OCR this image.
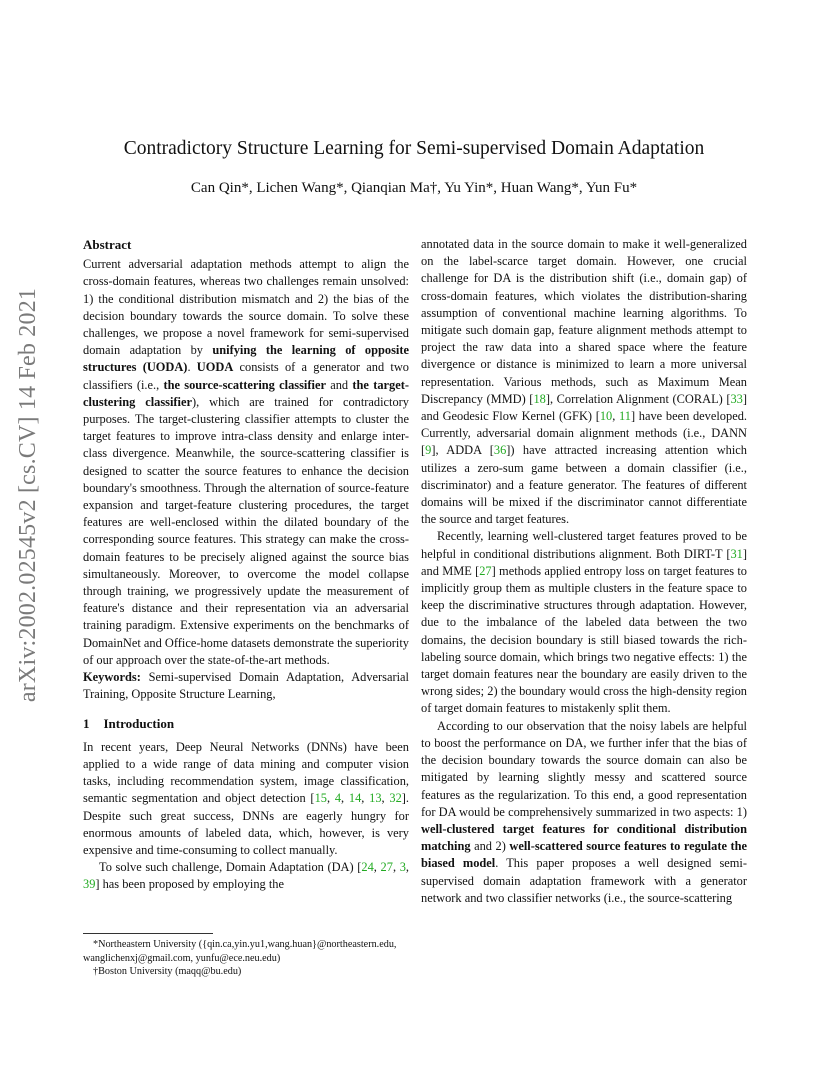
arXiv:2002.02545v2 [cs.CV] 14 Feb 2021
Contradictory Structure Learning for Semi-supervised Domain Adaptation
Can Qin*, Lichen Wang*, Qianqian Ma†, Yu Yin*, Huan Wang*, Yun Fu*
Abstract

Current adversarial adaptation methods attempt to align the cross-domain features, whereas two challenges remain unsolved: 1) the conditional distribution mismatch and 2) the bias of the decision boundary towards the source domain. To solve these challenges, we propose a novel framework for semi-supervised domain adaptation by unifying the learning of opposite structures (UODA). UODA consists of a generator and two classifiers (i.e., the source-scattering classifier and the target-clustering classifier), which are trained for contradictory purposes. The target-clustering classifier attempts to cluster the target features to improve intra-class density and enlarge inter-class divergence. Meanwhile, the source-scattering classifier is designed to scatter the source features to enhance the decision boundary's smoothness. Through the alternation of source-feature expansion and target-feature clustering procedures, the target features are well-enclosed within the dilated boundary of the corresponding source features. This strategy can make the cross-domain features to be precisely aligned against the source bias simultaneously. Moreover, to overcome the model collapse through training, we progressively update the measurement of feature's distance and their representation via an adversarial training paradigm. Extensive experiments on the benchmarks of DomainNet and Office-home datasets demonstrate the superiority of our approach over the state-of-the-art methods.

Keywords: Semi-supervised Domain Adaptation, Adversarial Training, Opposite Structure Learning,

1 Introduction

In recent years, Deep Neural Networks (DNNs) have been applied to a wide range of data mining and computer vision tasks, including recommendation system, image classification, semantic segmentation and object detection [15, 4, 14, 13, 32]. Despite such great success, DNNs are eagerly hungry for enormous amounts of labeled data, which, however, is very expensive and time-consuming to collect manually.

To solve such challenge, Domain Adaptation (DA) [24, 27, 3, 39] has been proposed by employing the

annotated data in the source domain to make it well-generalized on the label-scarce target domain. However, one crucial challenge for DA is the distribution shift (i.e., domain gap) of cross-domain features, which violates the distribution-sharing assumption of conventional machine learning algorithms. To mitigate such domain gap, feature alignment methods attempt to project the raw data into a shared space where the feature divergence or distance is minimized to learn a more universal representation. Various methods, such as Maximum Mean Discrepancy (MMD) [18], Correlation Alignment (CORAL) [33] and Geodesic Flow Kernel (GFK) [10, 11] have been developed. Currently, adversarial domain alignment methods (i.e., DANN [9], ADDA [36]) have attracted increasing attention which utilizes a zero-sum game between a domain classifier (i.e., discriminator) and a feature generator. The features of different domains will be mixed if the discriminator cannot differentiate the source and target features.

Recently, learning well-clustered target features proved to be helpful in conditional distributions alignment. Both DIRT-T [31] and MME [27] methods applied entropy loss on target features to implicitly group them as multiple clusters in the feature space to keep the discriminative structures through adaptation. However, due to the imbalance of the labeled data between the two domains, the decision boundary is still biased towards the rich-labeling source domain, which brings two negative effects: 1) the target domain features near the boundary are easily driven to the wrong sides; 2) the boundary would cross the high-density region of target domain features to mistakenly split them.

According to our observation that the noisy labels are helpful to boost the performance on DA, we further infer that the bias of the decision boundary towards the source domain can also be mitigated by learning slightly messy and scattered source features as the regularization. To this end, a good representation for DA would be comprehensively summarized in two aspects: 1) well-clustered target features for conditional distribution matching and 2) well-scattered source features to regulate the biased model. This paper proposes a well designed semi-supervised domain adaptation framework with a generator network and two classifier networks (i.e., the source-scattering

*Northeastern University ({qin.ca,yin.yu1,wang.huan}@northeastern.edu, wanglichenxj@gmail.com, yunfu@ece.neu.edu)

†Boston University (maqq@bu.edu)
